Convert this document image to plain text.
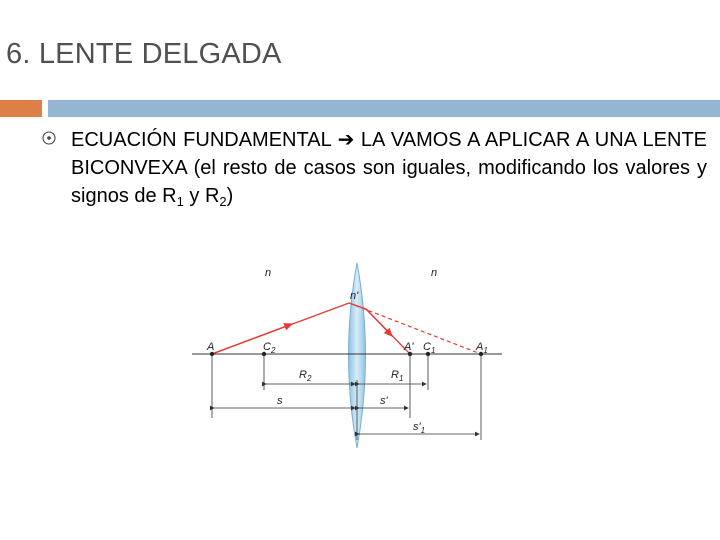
6. LENTE DELGADA
ECUACIÓN FUNDAMENTAL ➔ LA VAMOS A APLICAR A UNA LENTE BICONVEXA (el resto de casos son iguales, modificando los valores y signos de $R_1$ y $R_2$)
n	n
n'
A	$C_2$	A' $C_1$	$A_1$
$R_2$	$R_1$
s	s'
$s'_1$
